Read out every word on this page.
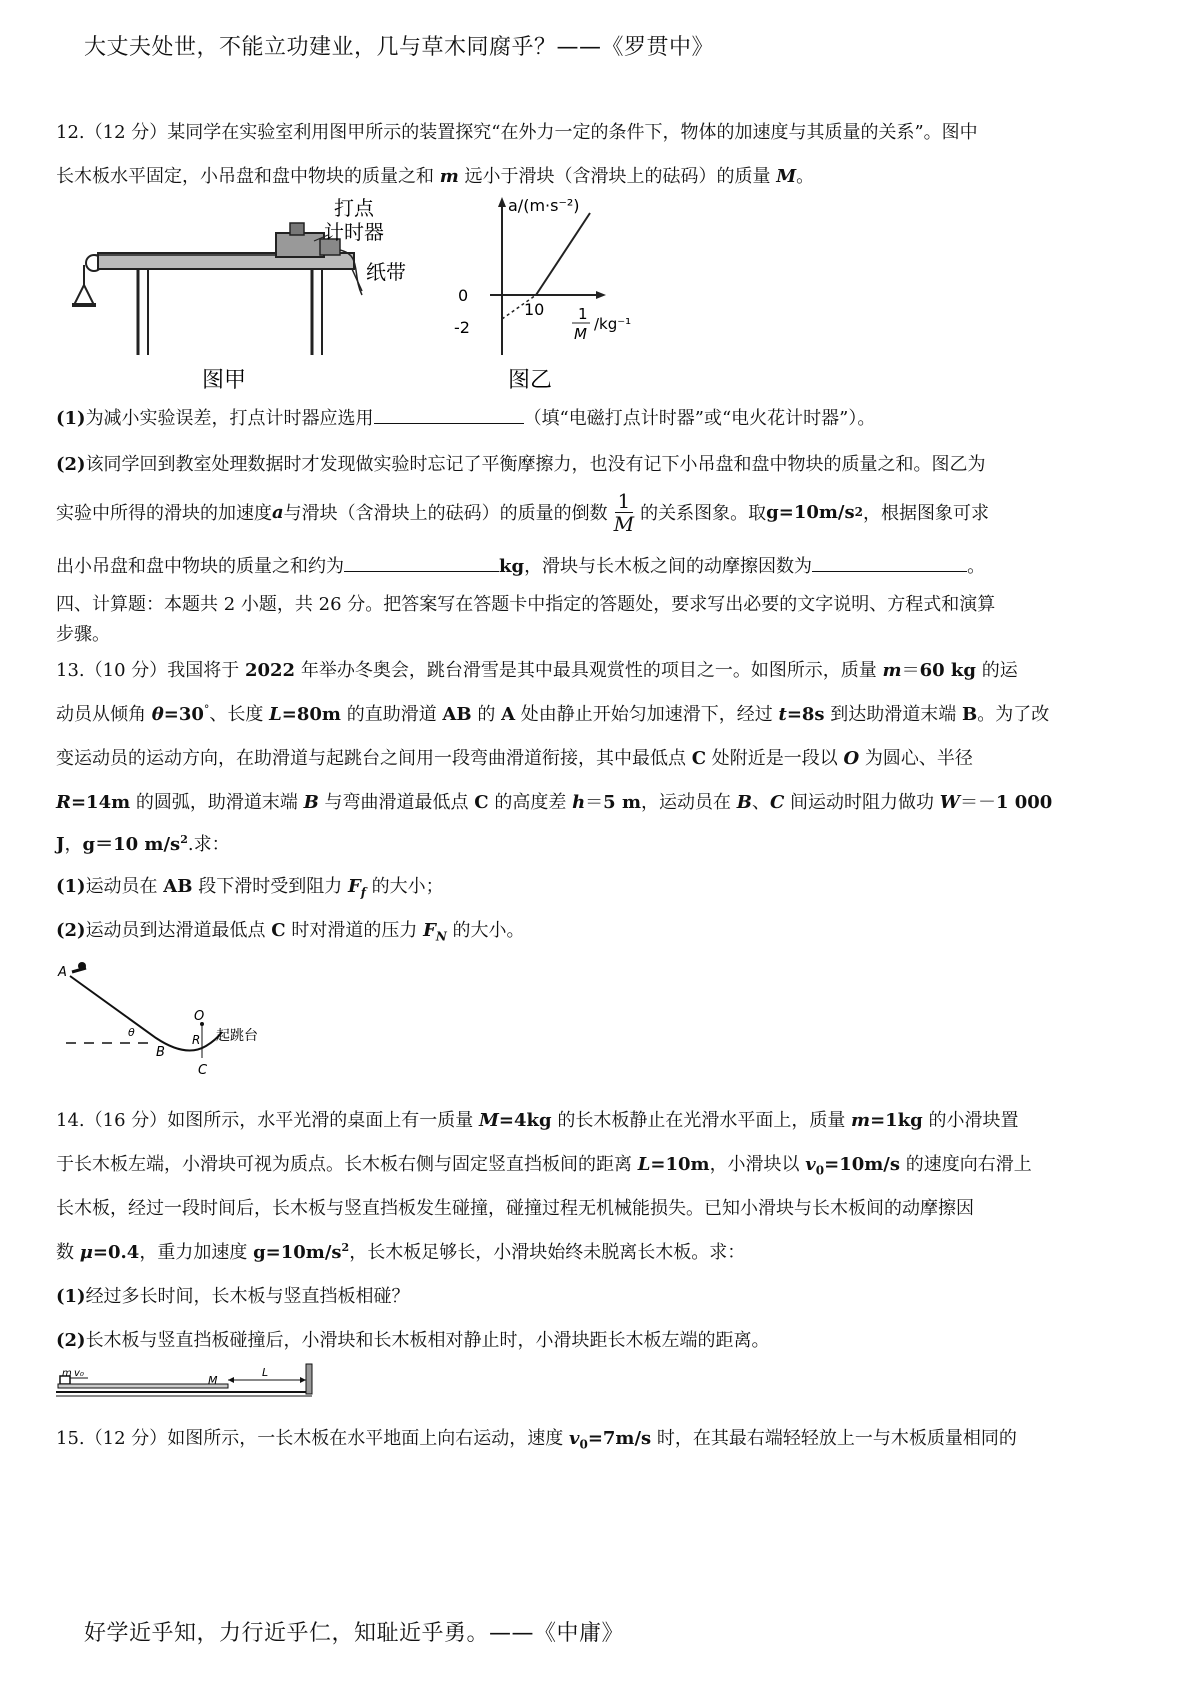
大丈夫处世，不能立功建业，几与草木同腐乎？——《罗贯中》
12.（12 分）某同学在实验室利用图甲所示的装置探究“在外力一定的条件下，物体的加速度与其质量的关系”。图中
长木板水平固定，小吊盘和盘中物块的质量之和 m 远小于滑块（含滑块上的砝码）的质量 M。
打点
计时器
纸带
图甲
a/(m·s⁻²)
0
-2
10 1
M
/kg⁻¹
图乙
(1)为减小实验误差，打点计时器应选用	（填“电磁打点计时器”或“电火花计时器”）。
(2)该同学回到教室处理数据时才发现做实验时忘记了平衡摩擦力，也没有记下小吊盘和盘中物块的质量之和。图乙为
实验中所得的滑块的加速度 a 与滑块（含滑块上的砝码）的质量的倒数
1
M 的关系图象。取 g=10m/s 2 ，根据图象可求
出小吊盘和盘中物块的质量之和约为	kg，滑块与长木板之间的动摩擦因数为	。
四、计算题：本题共 2 小题，共 26 分。把答案写在答题卡中指定的答题处，要求写出必要的文字说明、方程式和演算
步骤。
13.（10 分）我国将于 2022 年举办冬奥会，跳台滑雪是其中最具观赏性的项目之一。如图所示，质量 m＝60 kg 的运
动员从倾角 θ=30°、长度 L=80m 的直助滑道 AB 的 A 处由静止开始匀加速滑下，经过 t=8s 到达助滑道末端 B。为了改
变运动员的运动方向，在助滑道与起跳台之间用一段弯曲滑道衔接，其中最低点 C 处附近是一段以 O 为圆心、半径
R=14m 的圆弧，助滑道末端 B 与弯曲滑道最低点 C 的高度差 h＝5 m，运动员在 B、C 间运动时阻力做功 W＝－1 000
J，g＝10 $m/s^2$.求：
(1)运动员在 AB 段下滑时受到阻力 $F_f$ 的大小；
(2)运动员到达滑道最低点 C 时对滑道的压力 $F_N$ 的大小。
A
θ
B
O
R
C
起跳台
14.（16 分）如图所示，水平光滑的桌面上有一质量 M=4kg 的长木板静止在光滑水平面上，质量 m=1kg 的小滑块置
于长木板左端，小滑块可视为质点。长木板右侧与固定竖直挡板间的距离 L=10m，小滑块以 $v_0=10m/s$ 的速度向右滑上
长木板，经过一段时间后，长木板与竖直挡板发生碰撞，碰撞过程无机械能损失。已知小滑块与长木板间的动摩擦因
数 μ=0.4，重力加速度 $g=10m/s^2$，长木板足够长，小滑块始终未脱离长木板。求：
(1)经过多长时间，长木板与竖直挡板相碰？
(2)长木板与竖直挡板碰撞后，小滑块和长木板相对静止时，小滑块距长木板左端的距离。
m v₀
M
L
15.（12 分）如图所示，一长木板在水平地面上向右运动，速度 $v_0=7m/s$ 时，在其最右端轻轻放上一与木板质量相同的
好学近乎知，力行近乎仁，知耻近乎勇。——《中庸》
